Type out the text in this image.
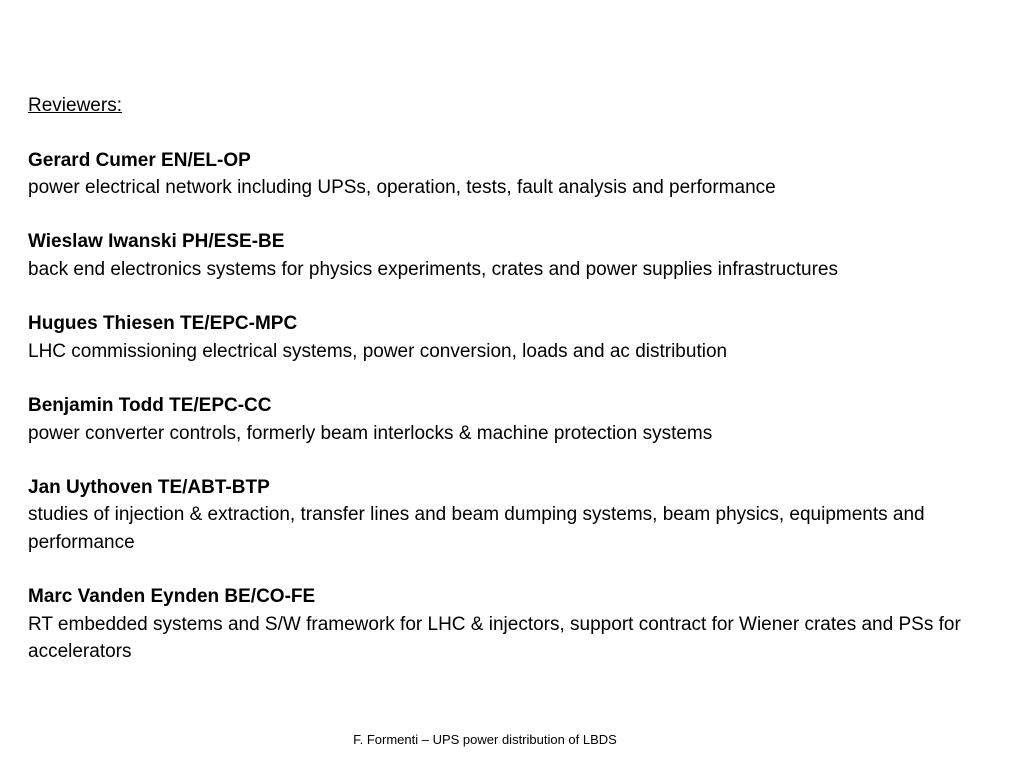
Reviewers:
Gerard Cumer EN/EL-OP
power electrical network including UPSs, operation, tests, fault analysis and performance
Wieslaw Iwanski PH/ESE-BE
back end electronics systems for physics experiments, crates and power supplies infrastructures
Hugues Thiesen TE/EPC-MPC
LHC commissioning electrical systems, power conversion, loads and ac distribution
Benjamin Todd TE/EPC-CC
power converter controls, formerly beam interlocks & machine protection systems
Jan Uythoven TE/ABT-BTP
studies of injection & extraction, transfer lines and beam dumping systems, beam physics, equipments and performance
Marc Vanden Eynden BE/CO-FE
RT embedded systems and S/W framework for LHC & injectors, support contract for Wiener crates and PSs for accelerators
F. Formenti – UPS power distribution of LBDS
